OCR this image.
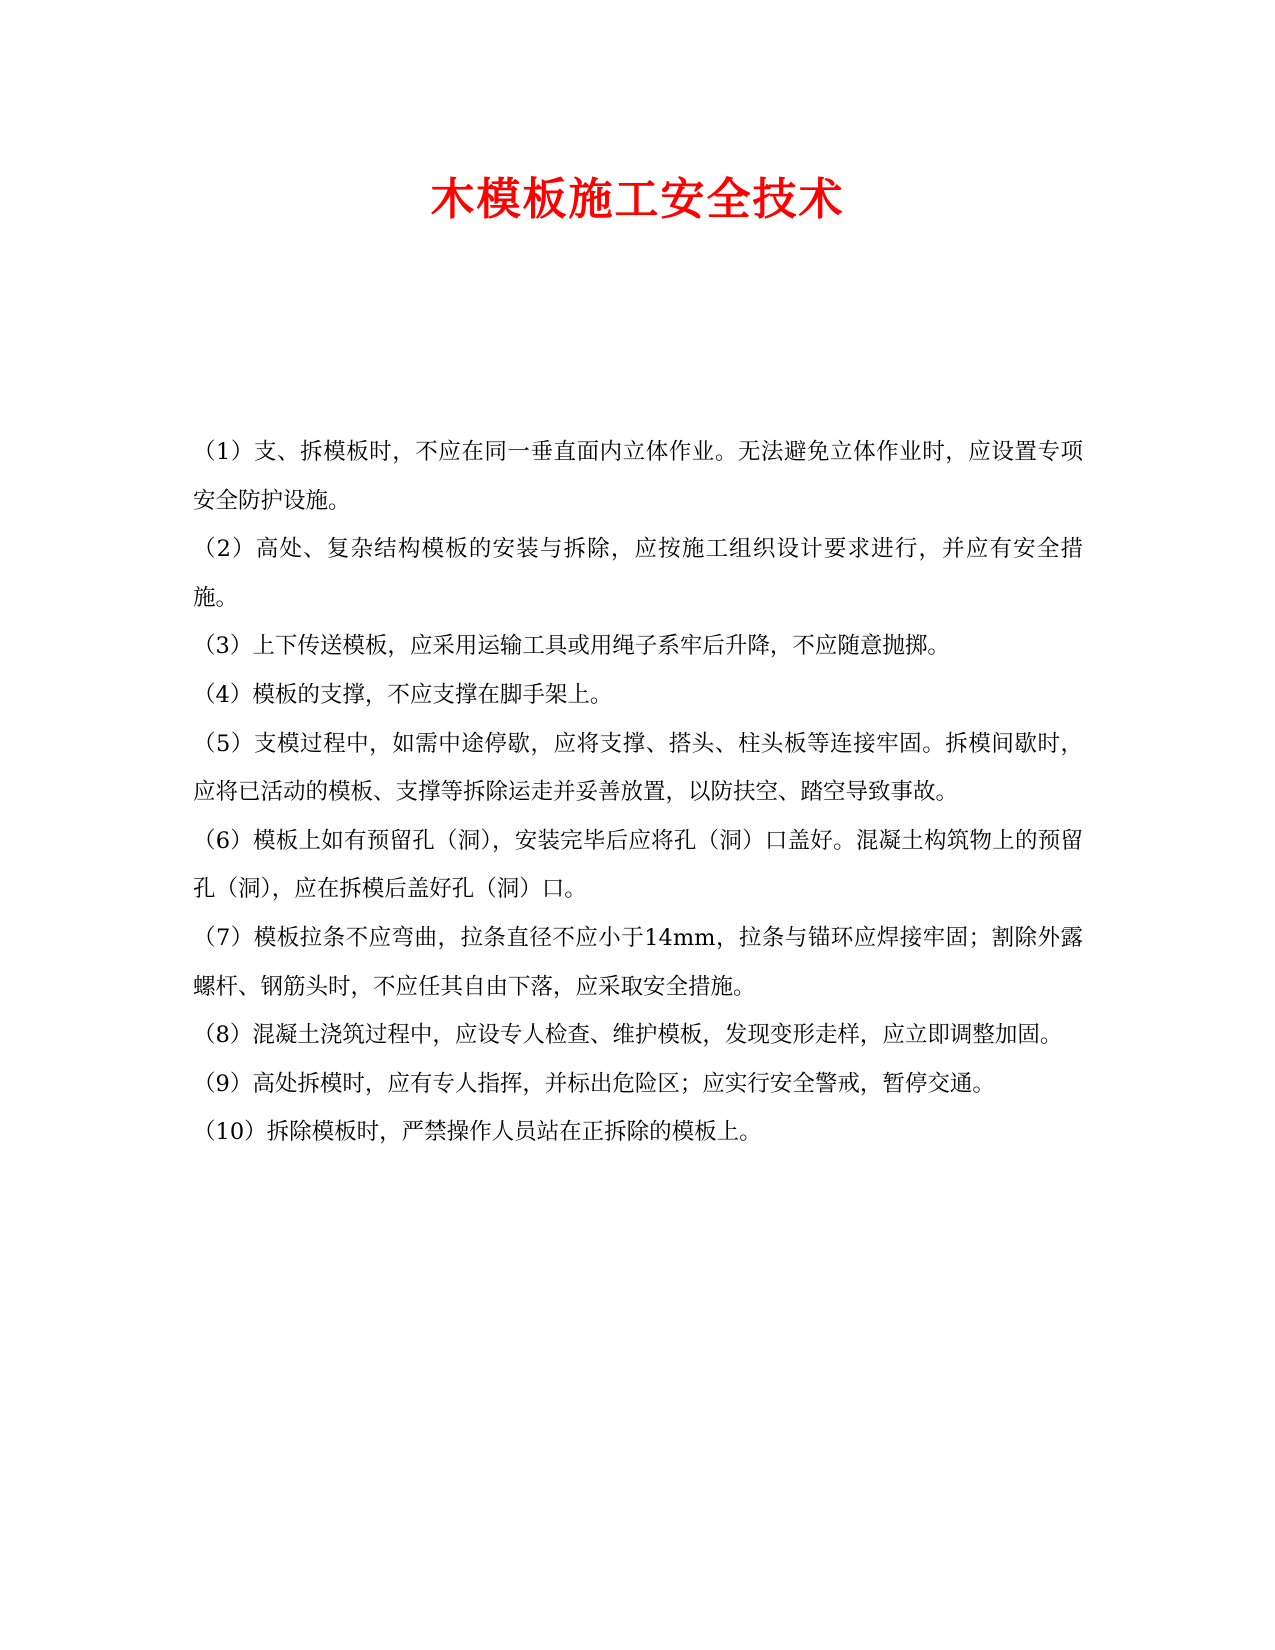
木模板施工安全技术

（1）支、拆模板时，不应在同一垂直面内立体作业。无法避免立体作业时，应设置专项安全防护设施。

（2）高处、复杂结构模板的安装与拆除，应按施工组织设计要求进行，并应有安全措施。

（3）上下传送模板，应采用运输工具或用绳子系牢后升降，不应随意抛掷。

（4）模板的支撑，不应支撑在脚手架上。

（5）支模过程中，如需中途停歇，应将支撑、搭头、柱头板等连接牢固。拆模间歇时，应将已活动的模板、支撑等拆除运走并妥善放置，以防扶空、踏空导致事故。

（6）模板上如有预留孔（洞），安装完毕后应将孔（洞）口盖好。混凝土构筑物上的预留孔（洞），应在拆模后盖好孔（洞）口。

（7）模板拉条不应弯曲，拉条直径不应小于14mm，拉条与锚环应焊接牢固；割除外露螺杆、钢筋头时，不应任其自由下落，应采取安全措施。

（8）混凝土浇筑过程中，应设专人检查、维护模板，发现变形走样，应立即调整加固。

（9）高处拆模时，应有专人指挥，并标出危险区；应实行安全警戒，暂停交通。

（10）拆除模板时，严禁操作人员站在正拆除的模板上。
